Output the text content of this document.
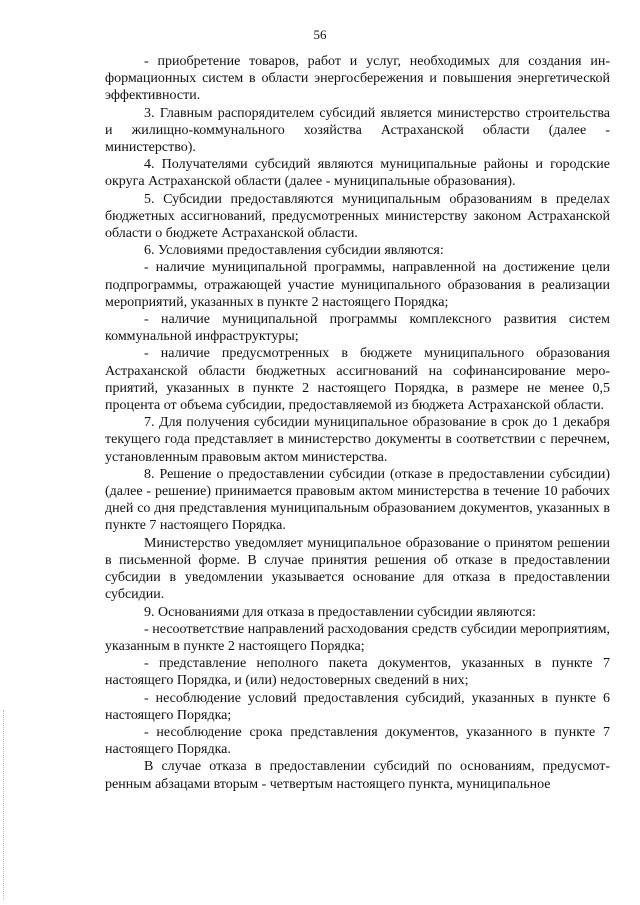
56

- приобретение товаров, работ и услуг, необходимых для создания информационных систем в области энергосбережения и повышения энергетической эффективности.

3. Главным распорядителем субсидий является министерство строительства и жилищно-коммунального хозяйства Астраханской области (далее - министерство).

4. Получателями субсидий являются муниципальные районы и городские округа Астраханской области (далее - муниципальные образования).

5. Субсидии предоставляются муниципальным образованиям в пределах бюджетных ассигнований, предусмотренных министерству законом Астраханской области о бюджете Астраханской области.

6. Условиями предоставления субсидии являются:

- наличие муниципальной программы, направленной на достижение цели подпрограммы, отражающей участие муниципального образования в реализации мероприятий, указанных в пункте 2 настоящего Порядка;

- наличие муниципальной программы комплексного развития систем коммунальной инфраструктуры;

- наличие предусмотренных в бюджете муниципального образования Астраханской области бюджетных ассигнований на софинансирование мероприятий, указанных в пункте 2 настоящего Порядка, в размере не менее 0,5 процента от объема субсидии, предоставляемой из бюджета Астраханской области.

7. Для получения субсидии муниципальное образование в срок до 1 декабря текущего года представляет в министерство документы в соответствии с перечнем, установленным правовым актом министерства.

8. Решение о предоставлении субсидии (отказе в предоставлении субсидии) (далее - решение) принимается правовым актом министерства в течение 10 рабочих дней со дня представления муниципальным образованием документов, указанных в пункте 7 настоящего Порядка.

Министерство уведомляет муниципальное образование о принятом решении в письменной форме. В случае принятия решения об отказе в предоставлении субсидии в уведомлении указывается основание для отказа в предоставлении субсидии.

9. Основаниями для отказа в предоставлении субсидии являются:

- несоответствие направлений расходования средств субсидии мероприятиям, указанным в пункте 2 настоящего Порядка;

- представление неполного пакета документов, указанных в пункте 7 настоящего Порядка, и (или) недостоверных сведений в них;

- несоблюдение условий предоставления субсидий, указанных в пункте 6 настоящего Порядка;

- несоблюдение срока представления документов, указанного в пункте 7 настоящего Порядка.

В случае отказа в предоставлении субсидий по основаниям, предусмотренным абзацами вторым - четвертым настоящего пункта, муниципальное
